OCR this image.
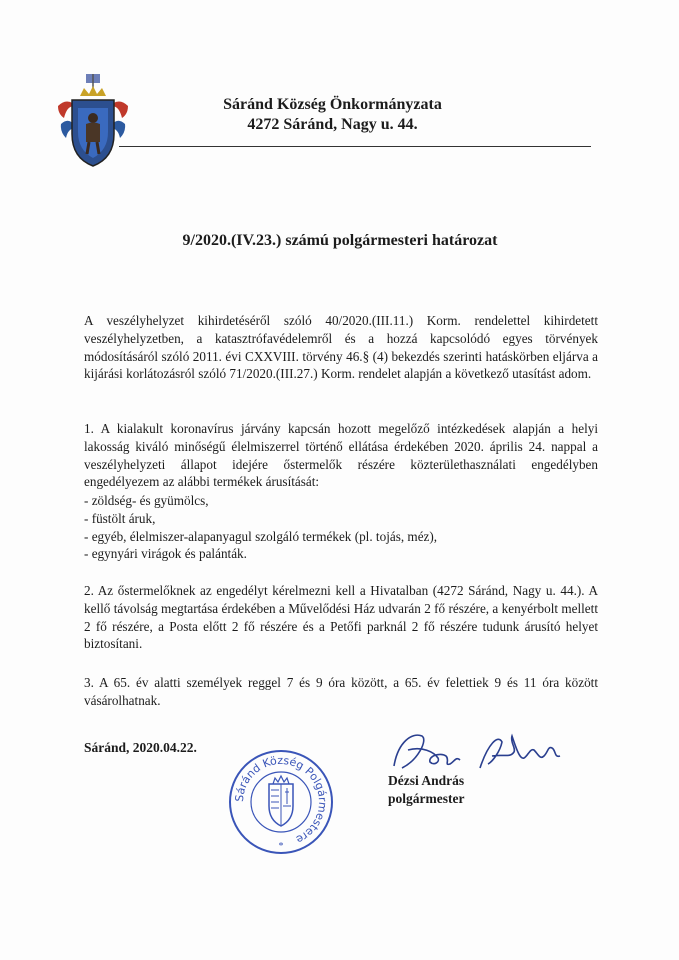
Sáránd Község Önkormányzata
4272 Sáránd, Nagy u. 44.
9/2020.(IV.23.) számú polgármesteri határozat

A veszélyhelyzet kihirdetéséről szóló 40/2020.(III.11.) Korm. rendelettel kihirdetett veszélyhelyzetben, a katasztrófavédelemről és a hozzá kapcsolódó egyes törvények módosításáról szóló 2011. évi CXXVIII. törvény 46.§ (4) bekezdés szerinti hatáskörben eljárva a kijárási korlátozásról szóló 71/2020.(III.27.) Korm. rendelet alapján a következő utasítást adom.

1. A kialakult koronavírus járvány kapcsán hozott megelőző intézkedések alapján a helyi lakosság kiváló minőségű élelmiszerrel történő ellátása érdekében 2020. április 24. nappal a veszélyhelyzeti állapot idejére őstermelők részére közterülethasználati engedélyben engedélyezem az alábbi termékek árusítását:

- zöldség- és gyümölcs,
- füstölt áruk,
- egyéb, élelmiszer-alapanyagul szolgáló termékek (pl. tojás, méz),
- egynyári virágok és palánták.

2. Az őstermelőknek az engedélyt kérelmezni kell a Hivatalban (4272 Sáránd, Nagy u. 44.). A kellő távolság megtartása érdekében a Művelődési Ház udvarán 2 fő részére, a kenyérbolt mellett 2 fő részére, a Posta előtt 2 fő részére és a Petőfi parknál 2 fő részére tudunk árusító helyet biztosítani.

3. A 65. év alatti személyek reggel 7 és 9 óra között, a 65. év felettiek 9 és 11 óra között vásárolhatnak.

Sáránd, 2020.04.22.
Sáránd Község Polgármestere
*
Dézsi András
polgármester
